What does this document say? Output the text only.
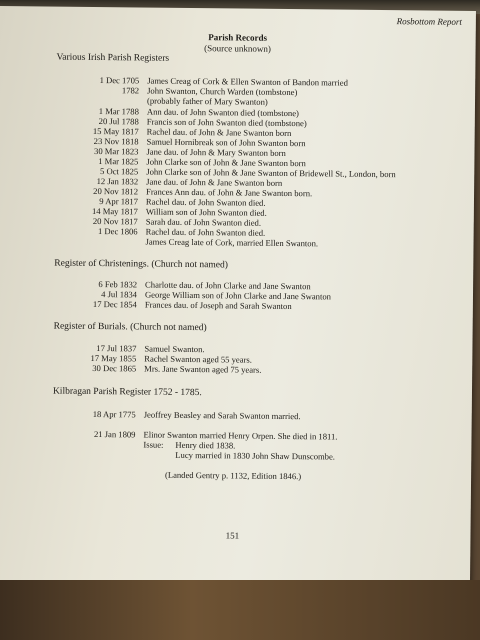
Rosbottom Report
Parish Records
(Source unknown)
Various Irish Parish Registers
1 Dec 1705 James Creag of Cork & Ellen Swanton of Bandon married
1782 John Swanton, Church Warden (tombstone)
(probably father of Mary Swanton)
1 Mar 1788 Ann dau. of John Swanton died (tombstone)
20 Jul 1788 Francis son of John Swanton died (tombstone)
15 May 1817 Rachel dau. of John & Jane Swanton born
23 Nov 1818 Samuel Hornibreak son of John Swanton born
30 Mar 1823 Jane dau. of John & Mary Swanton born
1 Mar 1825 John Clarke son of John & Jane Swanton born
5 Oct 1825 John Clarke son of John & Jane Swanton of Bridewell St., London, born
12 Jan 1832 Jane dau. of John & Jane Swanton born
20 Nov 1812 Frances Ann dau. of John & Jane Swanton born.
9 Apr 1817 Rachel dau. of John Swanton died.
14 May 1817 William son of John Swanton died.
20 Nov 1817 Sarah dau. of John Swanton died.
1 Dec 1806 Rachel dau. of John Swanton died.
James Creag late of Cork, married Ellen Swanton.
Register of Christenings. (Church not named)
6 Feb 1832 Charlotte dau. of John Clarke and Jane Swanton
4 Jul 1834 George William son of John Clarke and Jane Swanton
17 Dec 1854 Frances dau. of Joseph and Sarah Swanton
Register of Burials. (Church not named)
17 Jul 1837 Samuel Swanton.
17 May 1855 Rachel Swanton aged 55 years.
30 Dec 1865 Mrs. Jane Swanton aged 75 years.
Kilbragan Parish Register 1752 - 1785.
18 Apr 1775 Jeoffrey Beasley and Sarah Swanton married.
21 Jan 1809 Elinor Swanton married Henry Orpen. She died in 1811.
Issue: Henry died 1838.
Lucy married in 1830 John Shaw Dunscombe.
(Landed Gentry p. 1132, Edition 1846.)
151
